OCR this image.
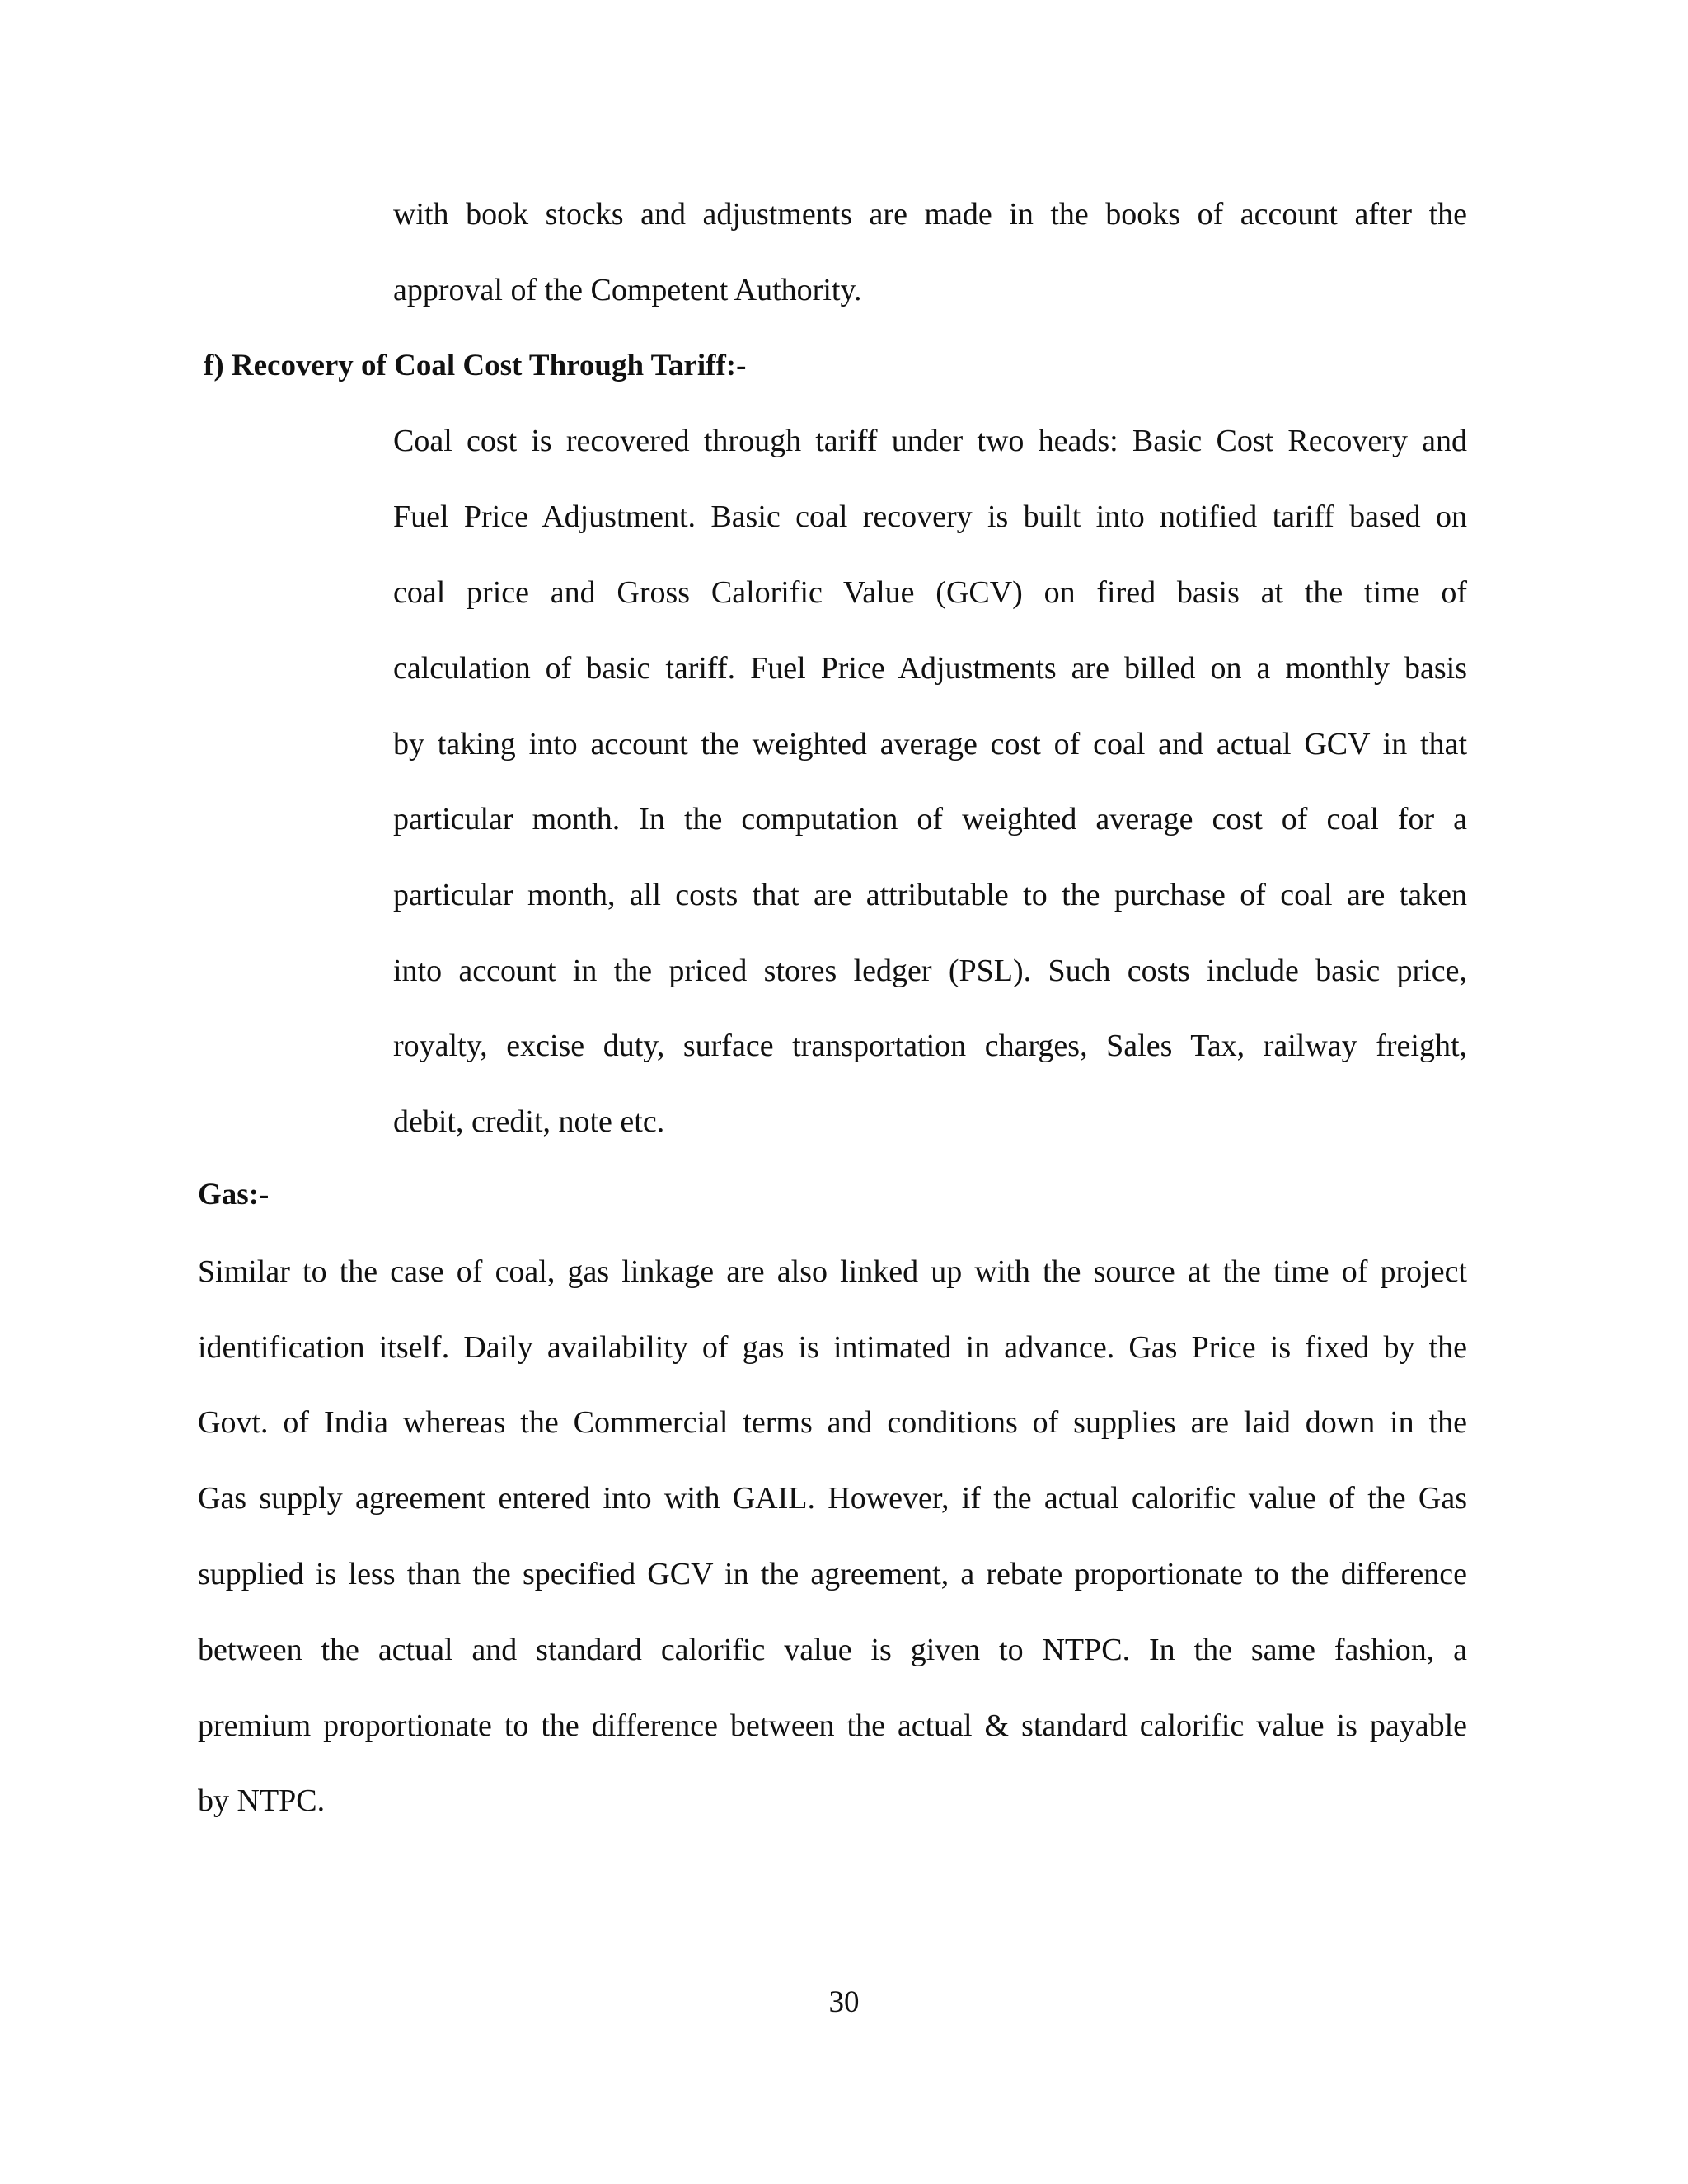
with book stocks and adjustments are made in the books of account after the
approval of the Competent Authority.
f) Recovery of Coal Cost Through Tariff:-
Coal cost is recovered through tariff under two heads: Basic Cost Recovery and
Fuel Price Adjustment. Basic coal recovery is built into notified tariff based on
coal price and Gross Calorific Value (GCV) on fired basis at the time of
calculation of basic tariff. Fuel Price Adjustments are billed on a monthly basis
by taking into account the weighted average cost of coal and actual GCV in that
particular month. In the computation of weighted average cost of coal for a
particular month, all costs that are attributable to the purchase of coal are taken
into account in the priced stores ledger (PSL). Such costs include basic price,
royalty, excise duty, surface transportation charges, Sales Tax, railway freight,
debit, credit, note etc.
Gas:-
Similar to the case of coal, gas linkage are also linked up with the source at the time of project
identification itself. Daily availability of gas is intimated in advance. Gas Price is fixed by the
Govt. of India whereas the Commercial terms and conditions of supplies are laid down in the
Gas supply agreement entered into with GAIL. However, if the actual calorific value of the Gas
supplied is less than the specified GCV in the agreement, a rebate proportionate to the difference
between the actual and standard calorific value is given to NTPC. In the same fashion, a
premium proportionate to the difference between the actual & standard calorific value is payable
by NTPC.
30
